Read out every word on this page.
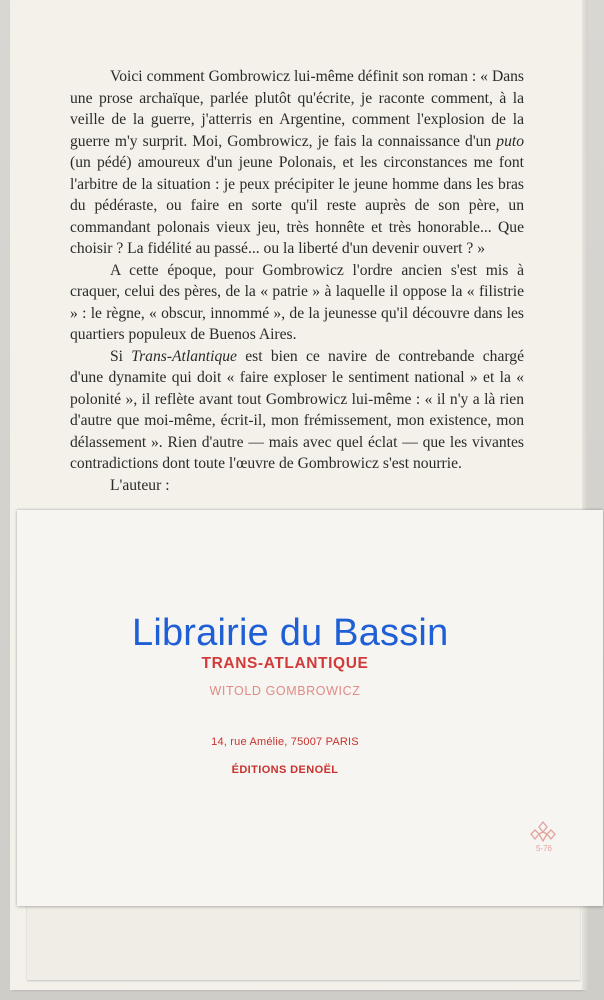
Voici comment Gombrowicz lui-même définit son roman : « Dans une prose archaïque, parlée plutôt qu'écrite, je raconte comment, à la veille de la guerre, j'atterris en Argentine, comment l'explosion de la guerre m'y surprit. Moi, Gombrowicz, je fais la connaissance d'un puto (un pédé) amoureux d'un jeune Polonais, et les circonstances me font l'arbitre de la situation : je peux précipiter le jeune homme dans les bras du pédéraste, ou faire en sorte qu'il reste auprès de son père, un commandant polonais vieux jeu, très honnête et très honorable... Que choisir ? La fidélité au passé... ou la liberté d'un devenir ouvert ? »

A cette époque, pour Gombrowicz l'ordre ancien s'est mis à craquer, celui des pères, de la « patrie » à laquelle il oppose la « filistrie » : le règne, « obscur, innommé », de la jeunesse qu'il découvre dans les quartiers populeux de Buenos Aires.

Si Trans-Atlantique est bien ce navire de contrebande chargé d'une dynamite qui doit « faire exploser le sentiment national » et la « polonité », il reflète avant tout Gombrowicz lui-même : « il n'y a là rien d'autre que moi-même, écrit-il, mon frémissement, mon existence, mon délassement ». Rien d'autre — mais avec quel éclat — que les vivantes contradictions dont toute l'œuvre de Gombrowicz s'est nourrie.

L'auteur :

Librairie du Bassin
TRANS-ATLANTIQUE
WITOLD GOMBROWICZ
14, rue Amélie, 75007 PARIS
ÉDITIONS DENOËL
5-76
